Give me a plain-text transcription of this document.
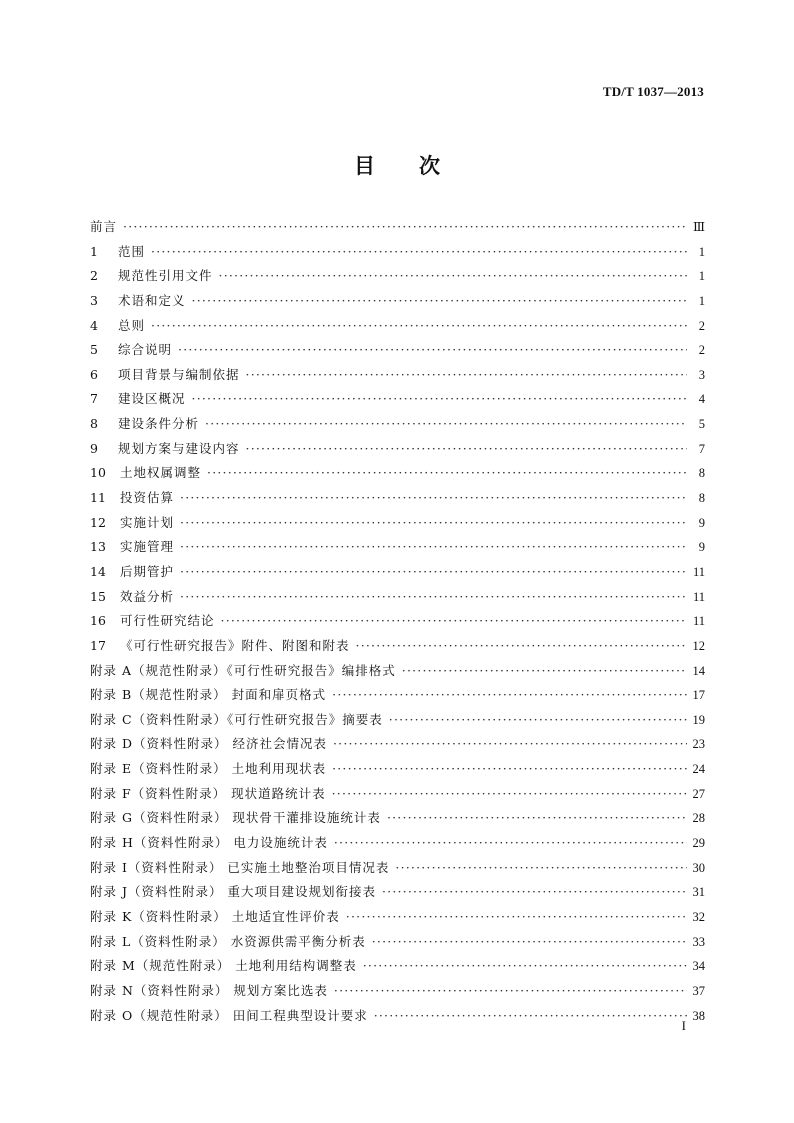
TD/T 1037—2013
目 次
前言 ·····	Ⅲ
1	范围 ·····	1
2	规范性引用文件 ·····	1
3	术语和定义 ·····	1
4	总则 ·····	2
5	综合说明 ·····	2
6	项目背景与编制依据 ·····	3
7	建设区概况 ·····	4
8	建设条件分析 ·····	5
9	规划方案与建设内容 ·····	7
10	土地权属调整 ·····	8
11	投资估算 ·····	8
12	实施计划 ·····	9
13	实施管理 ·····	9
14	后期管护 ·····	11
15	效益分析 ·····	11
16	可行性研究结论 ·····	11
17	《可行性研究报告》附件、附图和附表 ·····	12
附录 A（规范性附录）《可行性研究报告》编排格式 ·····	14
附录 B（规范性附录） 封面和扉页格式 ·····	17
附录 C（资料性附录）《可行性研究报告》摘要表 ·····	19
附录 D（资料性附录） 经济社会情况表 ·····	23
附录 E（资料性附录） 土地利用现状表 ·····	24
附录 F（资料性附录） 现状道路统计表 ·····	27
附录 G（资料性附录） 现状骨干灌排设施统计表 ·····	28
附录 H（资料性附录） 电力设施统计表 ·····	29
附录 I（资料性附录） 已实施土地整治项目情况表 ·····	30
附录 J（资料性附录） 重大项目建设规划衔接表 ·····	31
附录 K（资料性附录） 土地适宜性评价表 ·····	32
附录 L（资料性附录） 水资源供需平衡分析表 ·····	33
附录 M（规范性附录） 土地利用结构调整表 ·····	34
附录 N（资料性附录） 规划方案比选表 ·····	37
附录 O（规范性附录） 田间工程典型设计要求 ·····	38
I
